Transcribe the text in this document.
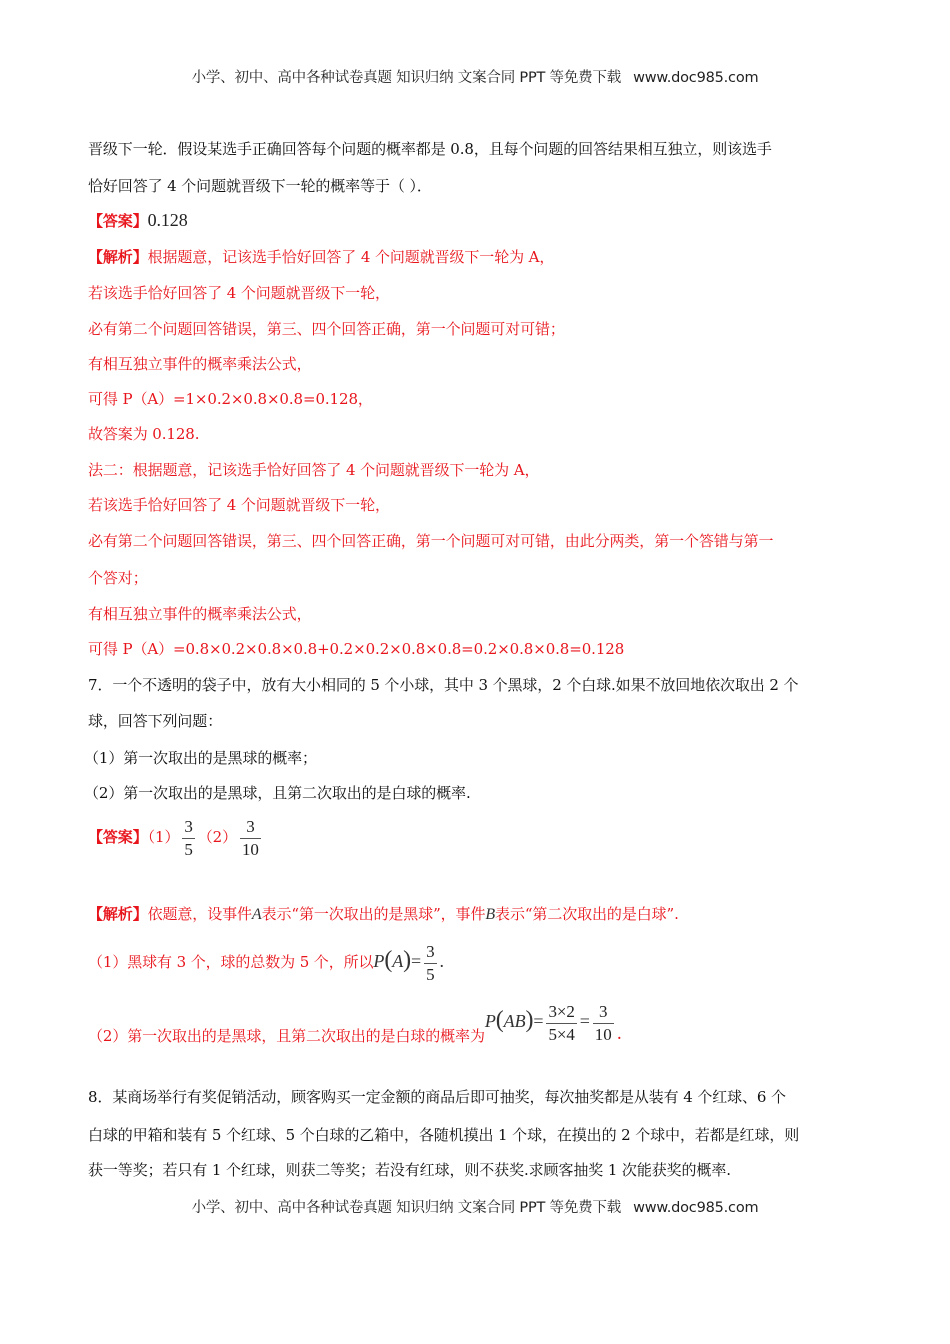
小学、初中、高中各种试卷真题 知识归纳 文案合同 PPT 等免费下载 www.doc985.com
晋级下一轮．假设某选手正确回答每个问题的概率都是 0.8，且每个问题的回答结果相互独立，则该选手
恰好回答了 4 个问题就晋级下一轮的概率等于（ ）．
【答案】0.128
【解析】根据题意，记该选手恰好回答了 4 个问题就晋级下一轮为 A，
若该选手恰好回答了 4 个问题就晋级下一轮，
必有第二个问题回答错误，第三、四个回答正确，第一个问题可对可错；
有相互独立事件的概率乘法公式，
可得 P（A）=1×0.2×0.8×0.8=0.128，
故答案为 0.128.
法二：根据题意，记该选手恰好回答了 4 个问题就晋级下一轮为 A，
若该选手恰好回答了 4 个问题就晋级下一轮，
必有第二个问题回答错误，第三、四个回答正确，第一个问题可对可错，由此分两类，第一个答错与第一
个答对；
有相互独立事件的概率乘法公式，
可得 P（A）=0.8×0.2×0.8×0.8+0.2×0.2×0.8×0.8=0.2×0.8×0.8=0.128
7．一个不透明的袋子中，放有大小相同的 5 个小球，其中 3 个黑球，2 个白球.如果不放回地依次取出 2 个
球，回答下列问题：
（1）第一次取出的是黑球的概率；
（2）第一次取出的是黑球，且第二次取出的是白球的概率.
【答案】$(1) \frac{3}{5} (2) \frac{3}{10}$
【解析】依题意，设事件A表示“第一次取出的是黑球”，事件B表示“第二次取出的是白球”.
（1）黑球有 3 个，球的总数为 5 个，所以$P(A)= \frac{3}{5}$ .
（2）第一次取出的是黑球，且第二次取出的是白球的概率为$P(AB)= \frac{3\times 2}{5\times 4} = \frac{3}{10}$ .
8．某商场举行有奖促销活动，顾客购买一定金额的商品后即可抽奖，每次抽奖都是从装有 4 个红球、6 个
白球的甲箱和装有 5 个红球、5 个白球的乙箱中，各随机摸出 1 个球，在摸出的 2 个球中，若都是红球，则
获一等奖；若只有 1 个红球，则获二等奖；若没有红球，则不获奖.求顾客抽奖 1 次能获奖的概率.
小学、初中、高中各种试卷真题 知识归纳 文案合同 PPT 等免费下载 www.doc985.com
